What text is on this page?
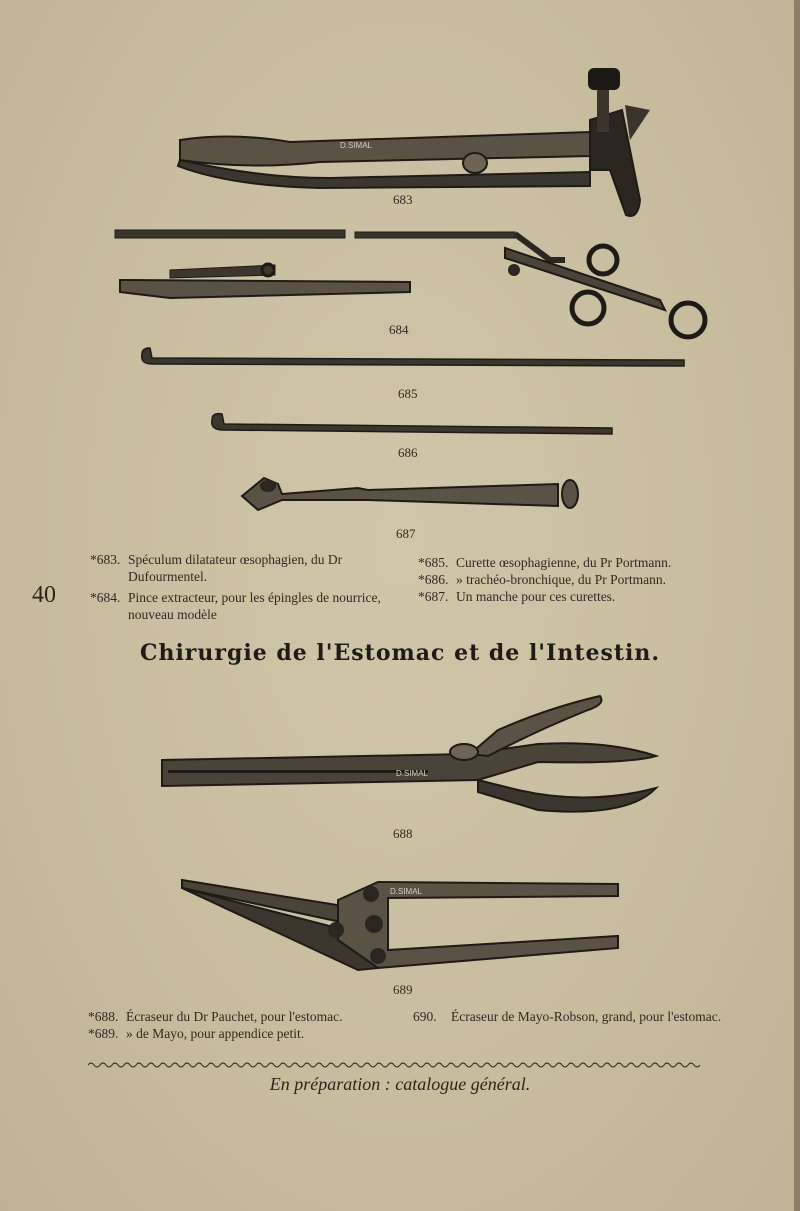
D.SIMAL
683
684
685
686
687
40
*683. Spéculum dilatateur œsophagien, du Dr Dufourmentel.
*684. Pince extracteur, pour les épingles de nourrice, nouveau modèle
*685. Curette œsophagienne, du Pr Portmann.
*686. » trachéo-bronchique, du Pr Portmann.
*687. Un manche pour ces curettes.
Chirurgie de l'Estomac et de l'Intestin.
D.SIMAL
688
D.SIMAL
689
*688. Écraseur du Dr Pauchet, pour l'estomac.
*689. » de Mayo, pour appendice petit.
690.	Écraseur de Mayo-Robson, grand, pour l'estomac.
En préparation : catalogue général.
